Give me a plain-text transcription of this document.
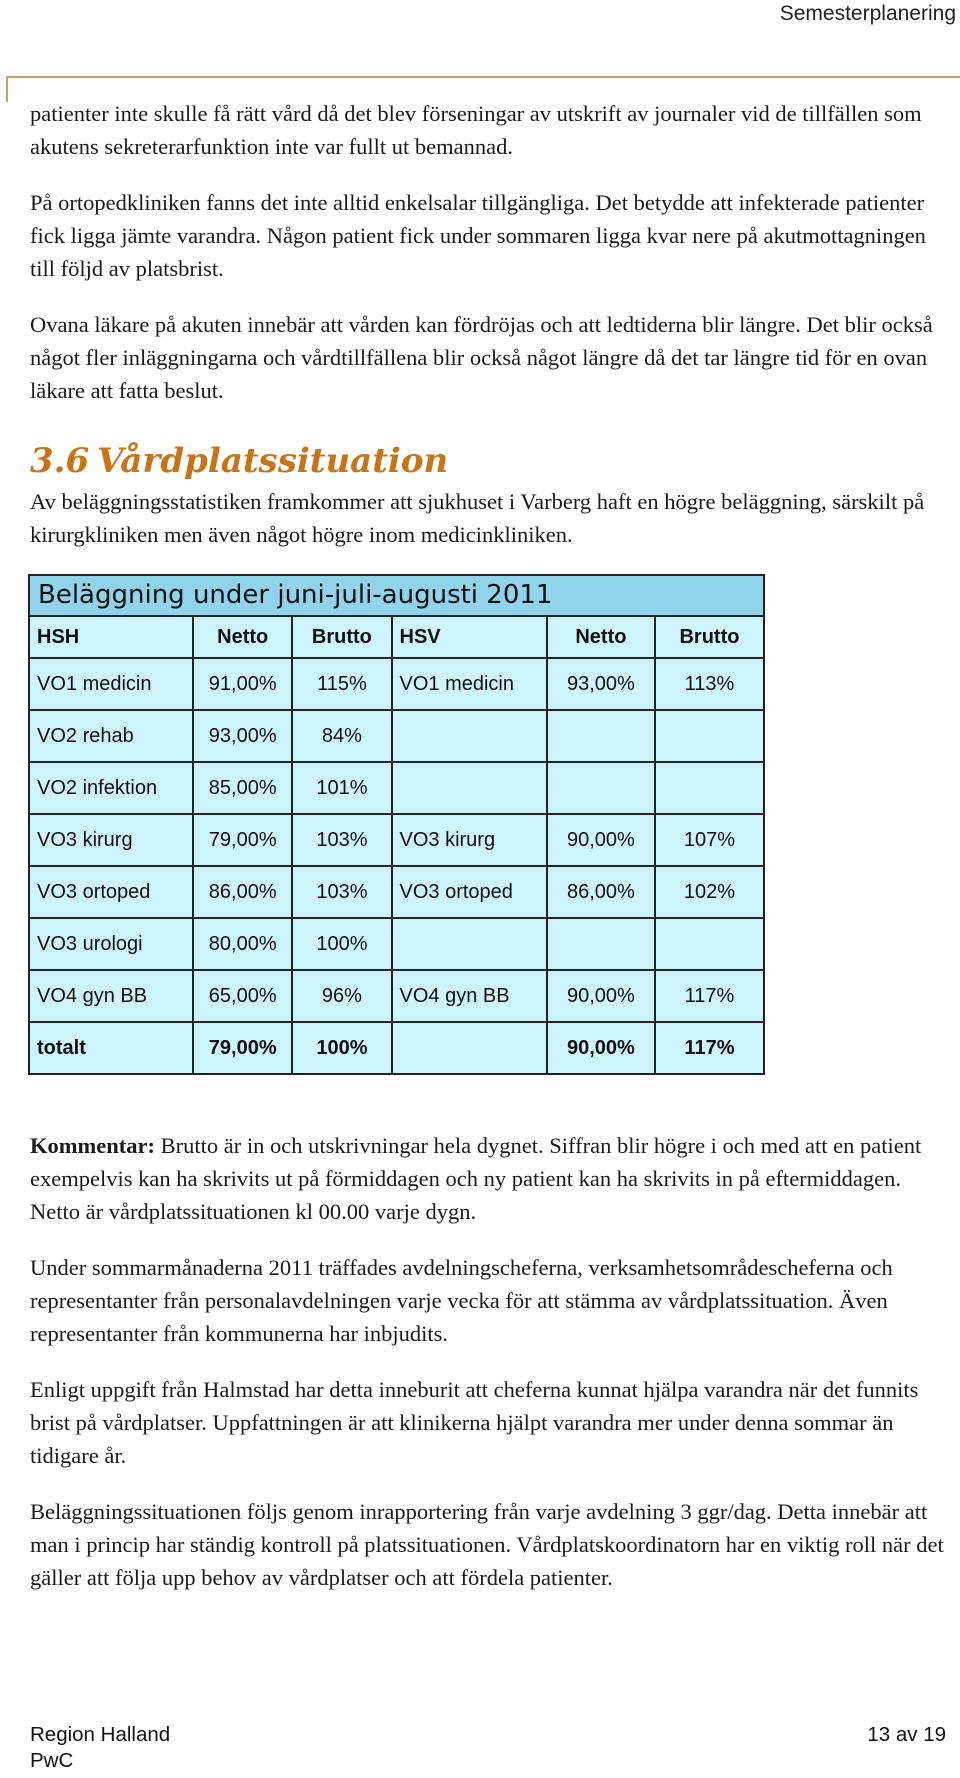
Semesterplanering

patienter inte skulle få rätt vård då det blev förseningar av utskrift av journaler vid de tillfällen som akutens sekreterarfunktion inte var fullt ut bemannad.

På ortopedkliniken fanns det inte alltid enkelsalar tillgängliga. Det betydde att infekterade patienter fick ligga jämte varandra. Någon patient fick under sommaren ligga kvar nere på akutmottagningen till följd av platsbrist.

Ovana läkare på akuten innebär att vården kan fördröjas och att ledtiderna blir längre. Det blir också något fler inläggningarna och vårdtillfällena blir också något längre då det tar längre tid för en ovan läkare att fatta beslut.

3.6 Vårdplatssituation

Av beläggningsstatistiken framkommer att sjukhuset i Varberg haft en högre beläggning, särskilt på kirurgkliniken men även något högre inom medicinkliniken.

Beläggning under juni-juli-augusti 2011
HSH	Netto	Brutto	HSV	Netto	Brutto
VO1 medicin	91,00%	115%	VO1 medicin	93,00%	113%
VO2 rehab	93,00%	84%			
VO2 infektion	85,00%	101%			
VO3 kirurg	79,00%	103%	VO3 kirurg	90,00%	107%
VO3 ortoped	86,00%	103%	VO3 ortoped	86,00%	102%
VO3 urologi	80,00%	100%			
VO4 gyn BB	65,00%	96%	VO4 gyn BB	90,00%	117%
totalt	79,00%	100%		90,00%	117%

Kommentar: Brutto är in och utskrivningar hela dygnet. Siffran blir högre i och med att en patient exempelvis kan ha skrivits ut på förmiddagen och ny patient kan ha skrivits in på eftermiddagen. Netto är vårdplatssituationen kl 00.00 varje dygn.

Under sommarmånaderna 2011 träffades avdelningscheferna, verksamhetsområdescheferna och representanter från personalavdelningen varje vecka för att stämma av vårdplatssituation. Även representanter från kommunerna har inbjudits.

Enligt uppgift från Halmstad har detta inneburit att cheferna kunnat hjälpa varandra när det funnits brist på vårdplatser. Uppfattningen är att klinikerna hjälpt varandra mer under denna sommar än tidigare år.

Beläggningssituationen följs genom inrapportering från varje avdelning 3 ggr/dag. Detta innebär att man i princip har ständig kontroll på platssituationen. Vårdplatskoordinatorn har en viktig roll när det gäller att följa upp behov av vårdplatser och att fördela patienter.

Region Halland
PwC
13 av 19
